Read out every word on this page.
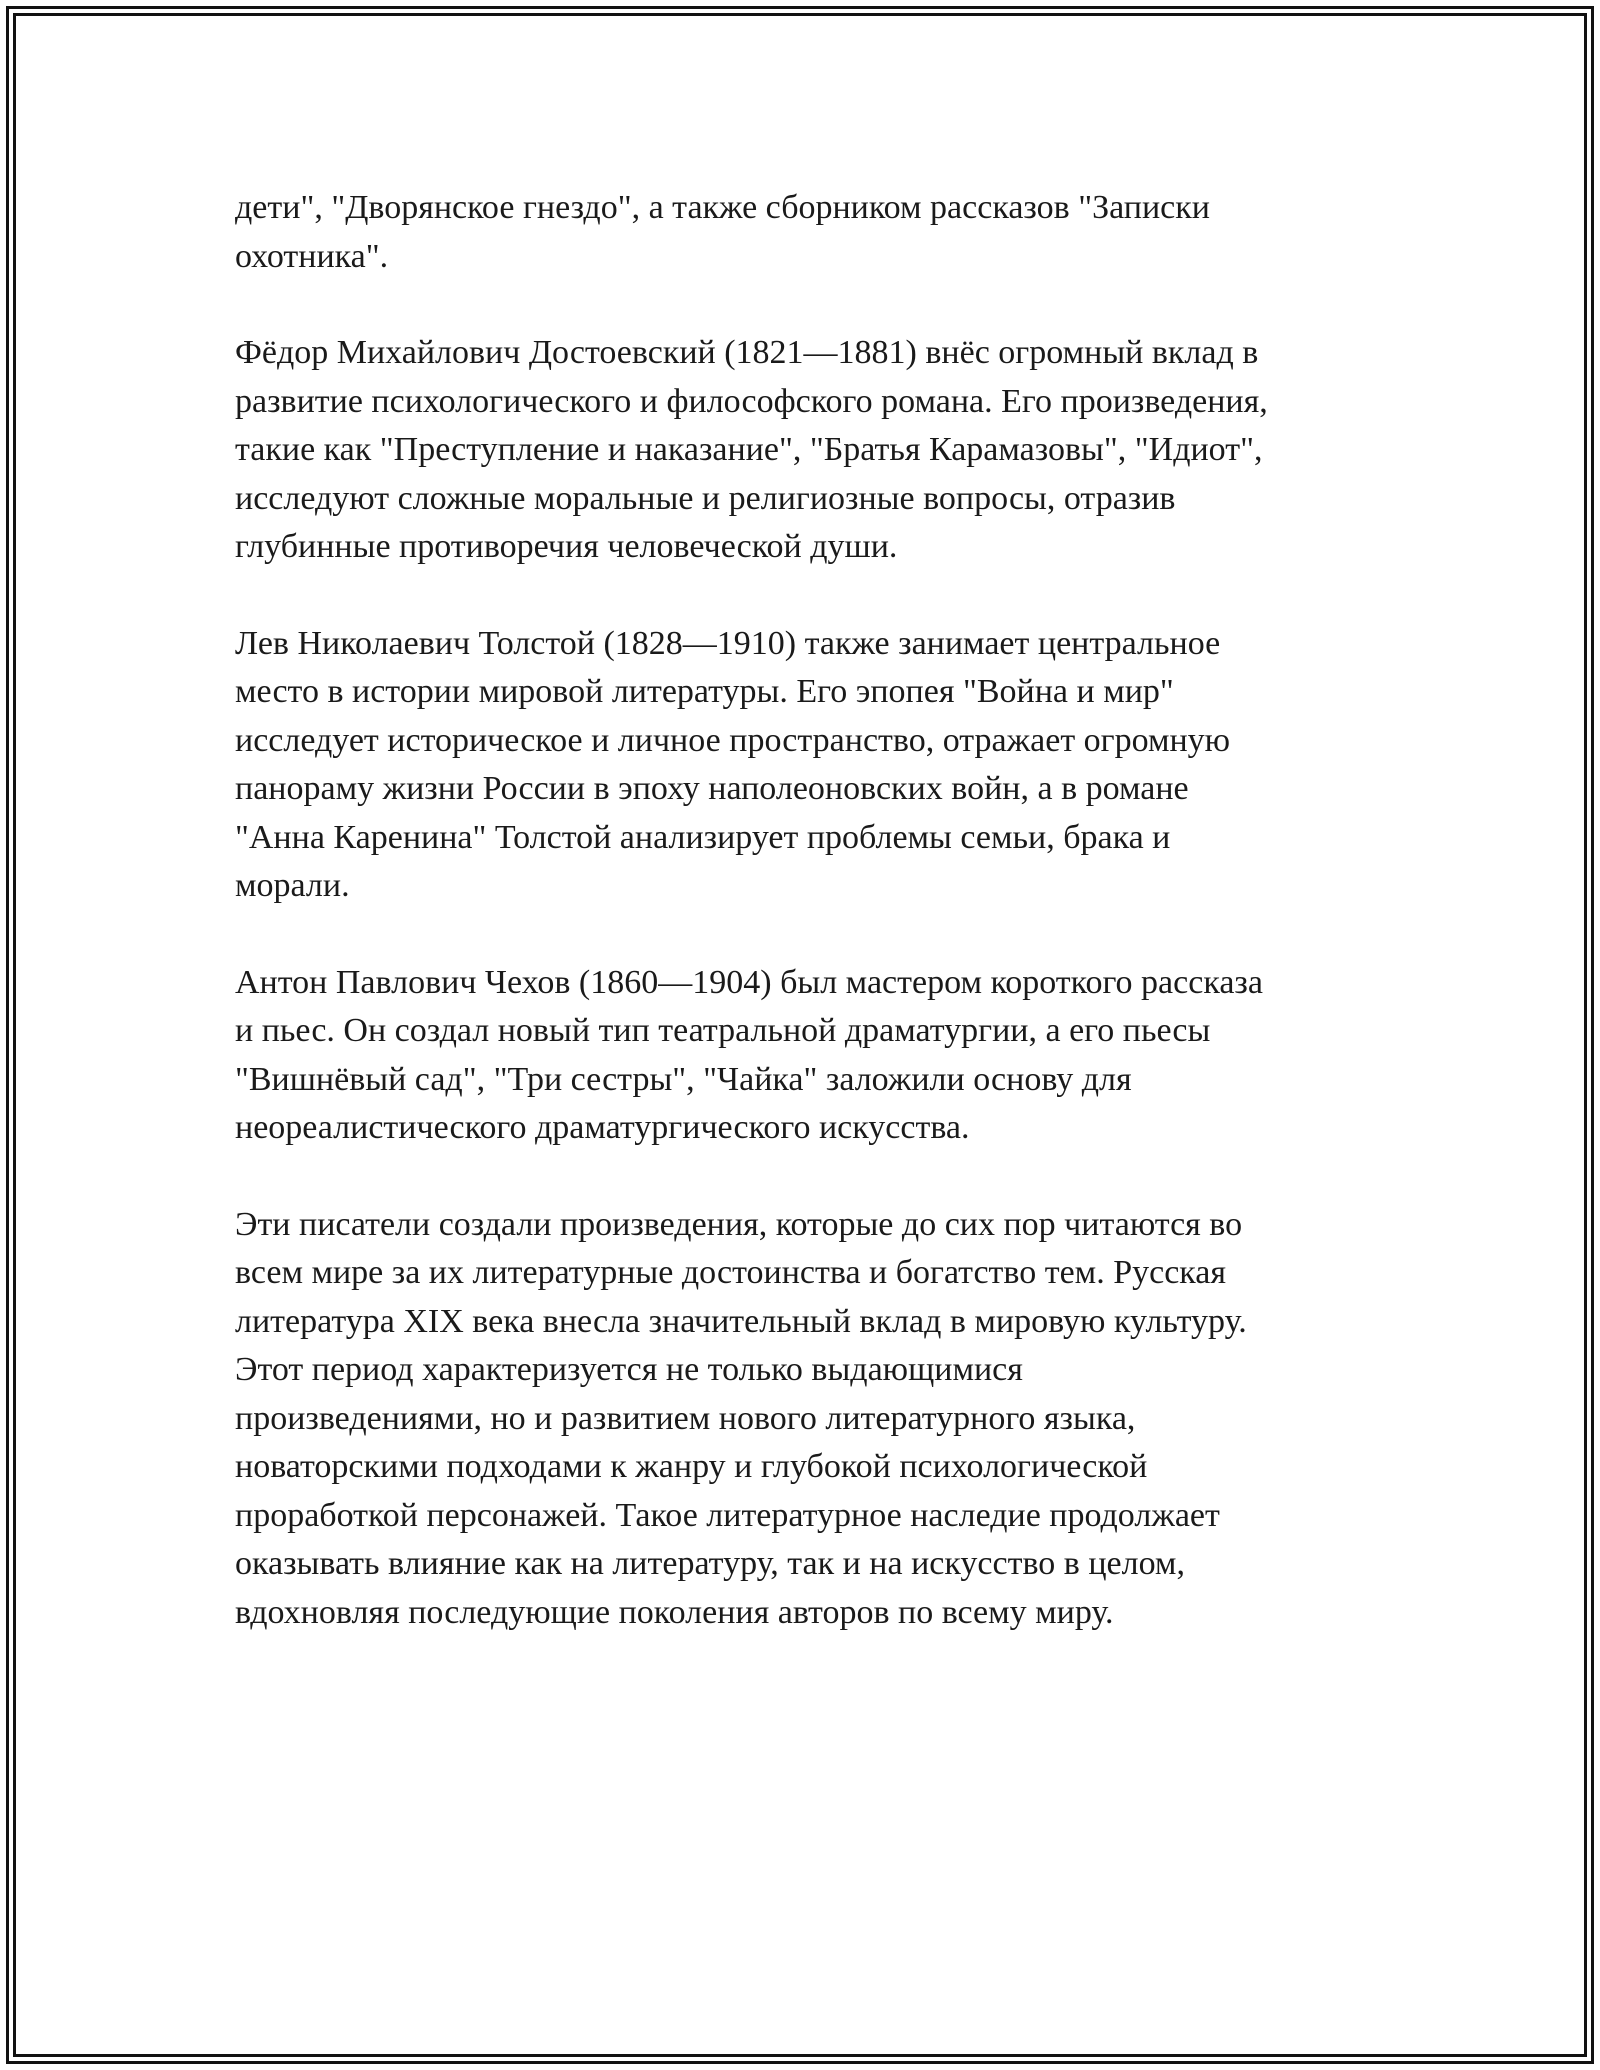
дети", "Дворянское гнездо", а также сборником рассказов "Записки
охотника".

Фёдор Михайлович Достоевский (1821—1881) внёс огромный вклад в
развитие психологического и философского романа. Его произведения,
такие как "Преступление и наказание", "Братья Карамазовы", "Идиот",
исследуют сложные моральные и религиозные вопросы, отразив
глубинные противоречия человеческой души.

Лев Николаевич Толстой (1828—1910) также занимает центральное
место в истории мировой литературы. Его эпопея "Война и мир"
исследует историческое и личное пространство, отражает огромную
панораму жизни России в эпоху наполеоновских войн, а в романе
"Анна Каренина" Толстой анализирует проблемы семьи, брака и
морали.

Антон Павлович Чехов (1860—1904) был мастером короткого рассказа
и пьес. Он создал новый тип театральной драматургии, а его пьесы
"Вишнёвый сад", "Три сестры", "Чайка" заложили основу для
неореалистического драматургического искусства.

Эти писатели создали произведения, которые до сих пор читаются во
всем мире за их литературные достоинства и богатство тем. Русская
литература XIX века внесла значительный вклад в мировую культуру.
Этот период характеризуется не только выдающимися
произведениями, но и развитием нового литературного языка,
новаторскими подходами к жанру и глубокой психологической
проработкой персонажей. Такое литературное наследие продолжает
оказывать влияние как на литературу, так и на искусство в целом,
вдохновляя последующие поколения авторов по всему миру.
